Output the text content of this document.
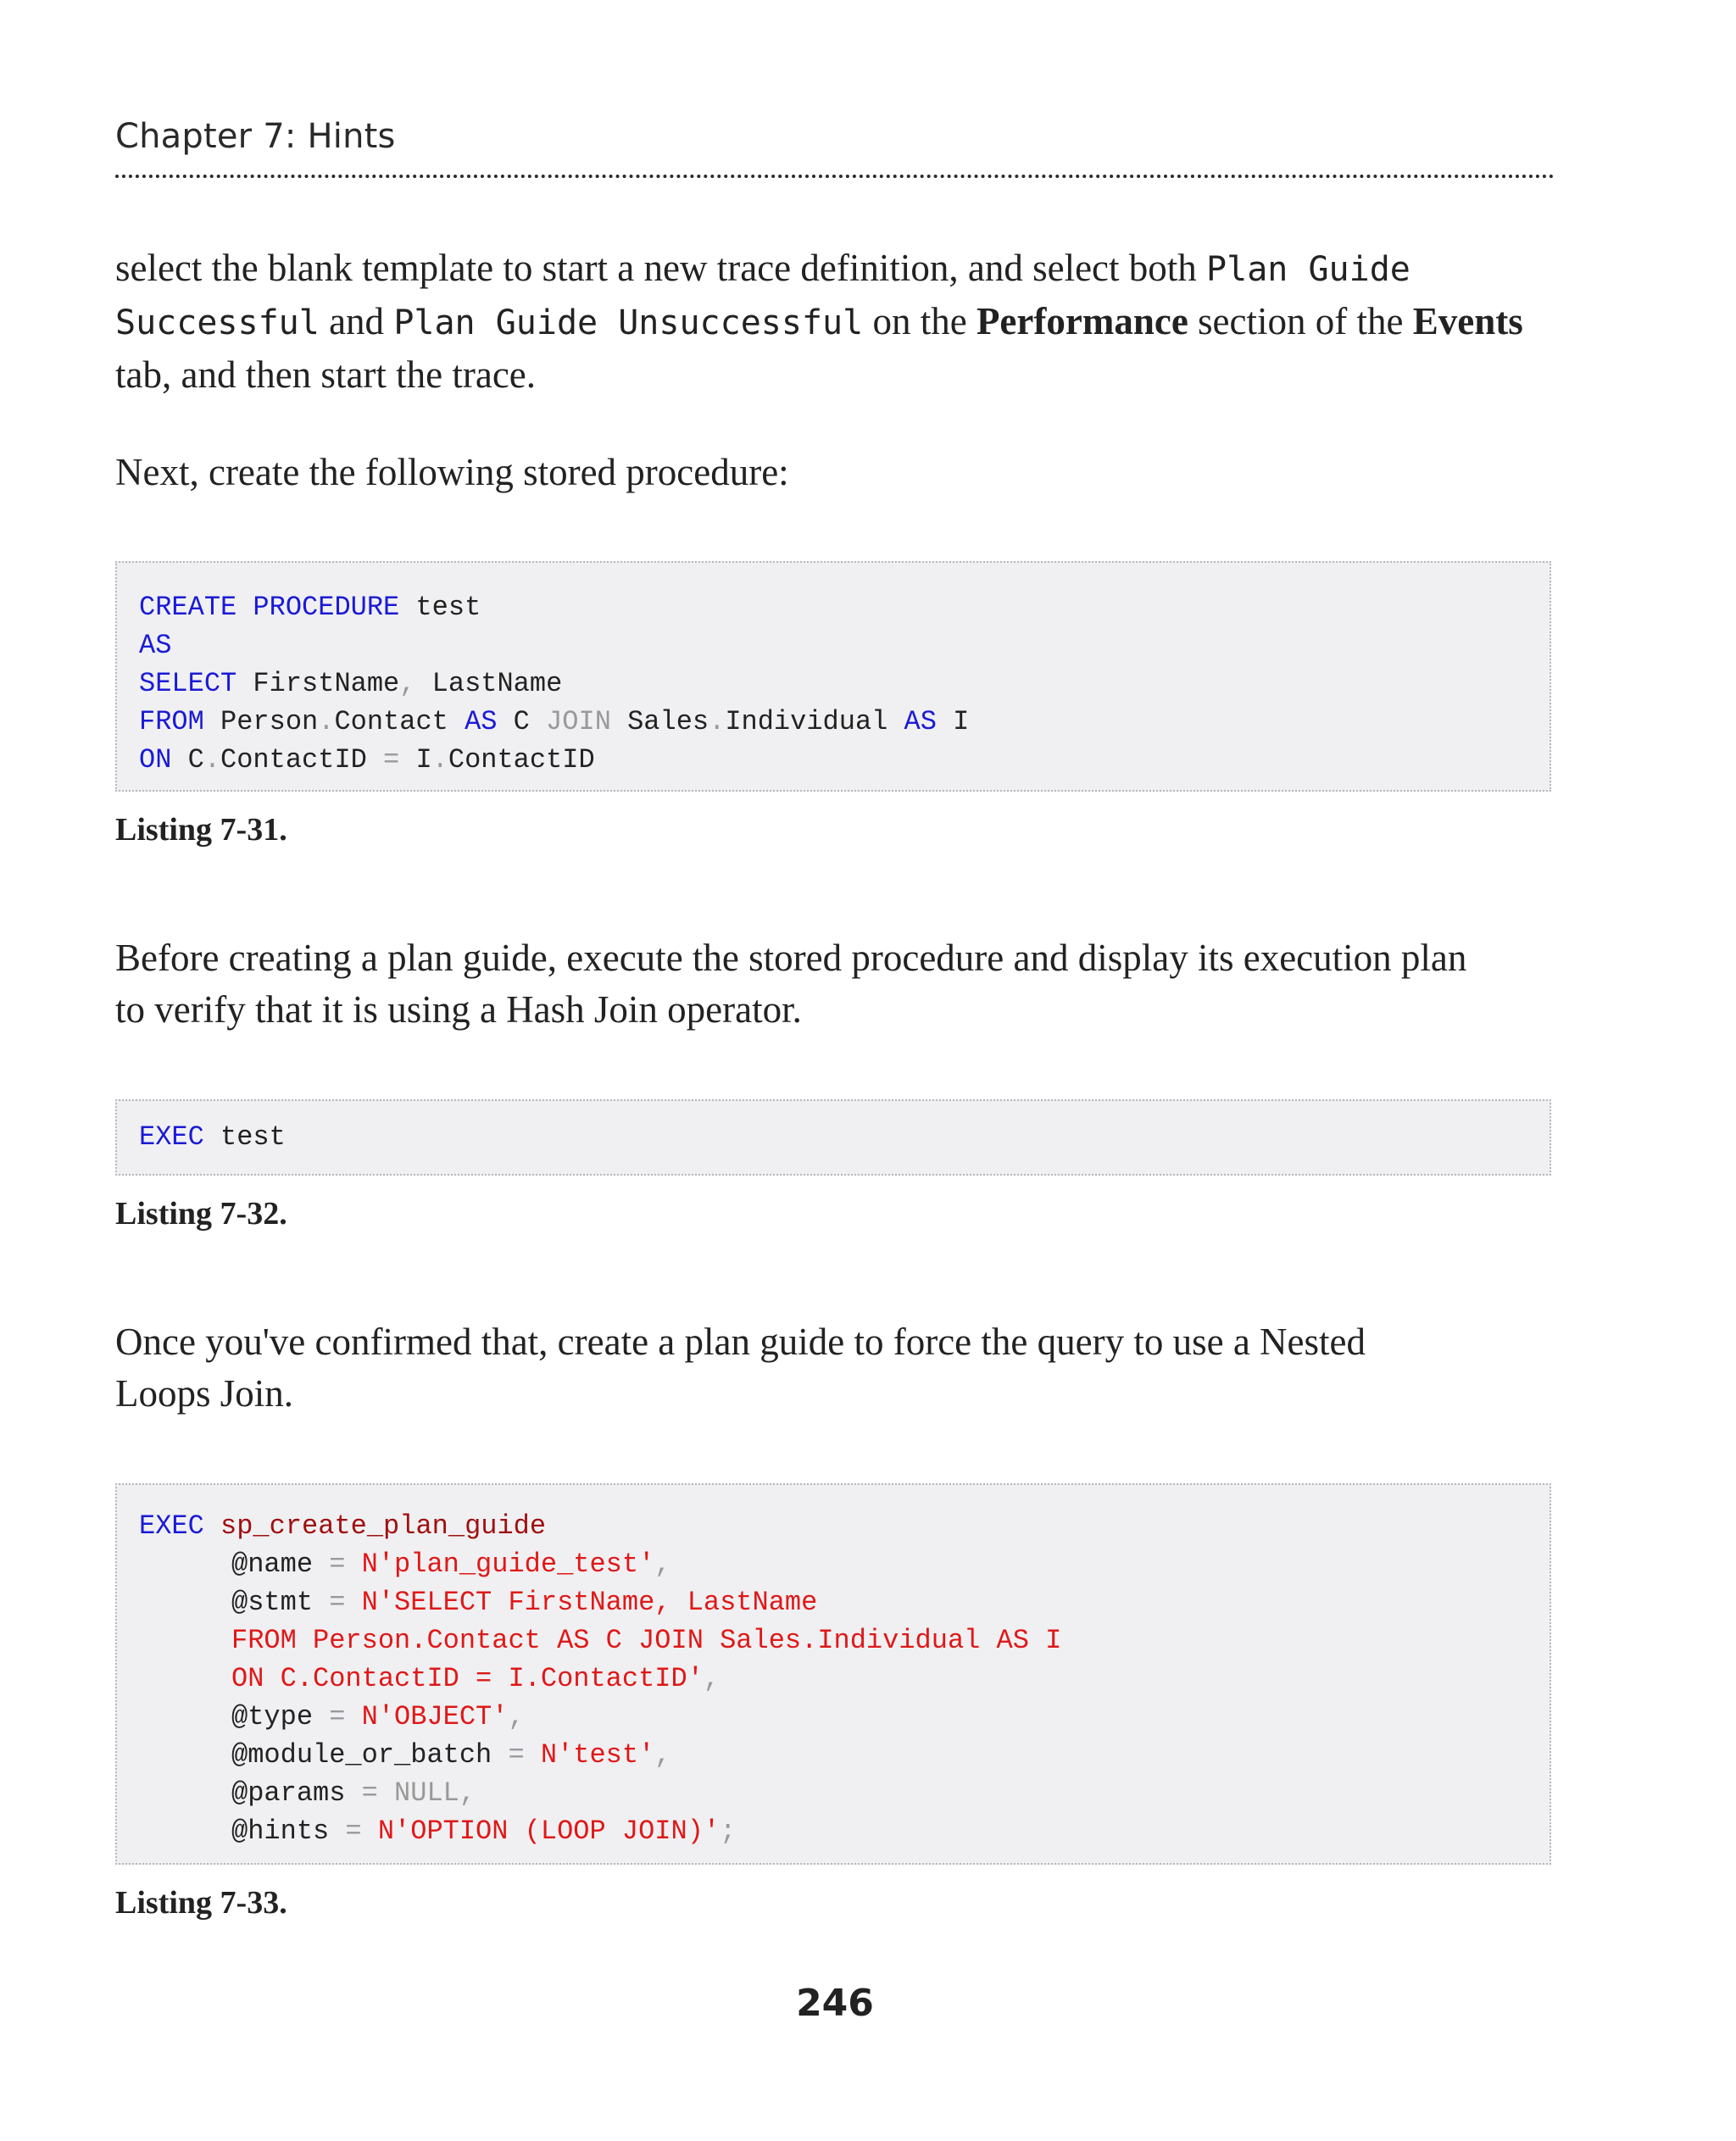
Chapter 7: Hints
select the blank template to start a new trace definition, and select both Plan Guide
Successful and Plan Guide Unsuccessful on the Performance section of the Events
tab, and then start the trace.
Next, create the following stored procedure:
CREATE PROCEDURE test
AS
SELECT FirstName, LastName
FROM Person.Contact AS C JOIN Sales.Individual AS I
ON C.ContactID = I.ContactID
Listing 7-31.
Before creating a plan guide, execute the stored procedure and display its execution plan
to verify that it is using a Hash Join operator.
EXEC test
Listing 7-32.
Once you've confirmed that, create a plan guide to force the query to use a Nested
Loops Join.
EXEC sp_create_plan_guide
@name = N'plan_guide_test',
@stmt = N'SELECT FirstName, LastName
FROM Person.Contact AS C JOIN Sales.Individual AS I
ON C.ContactID = I.ContactID',
@type = N'OBJECT',
@module_or_batch = N'test',
@params = NULL,
@hints = N'OPTION (LOOP JOIN)';
Listing 7-33.
246
